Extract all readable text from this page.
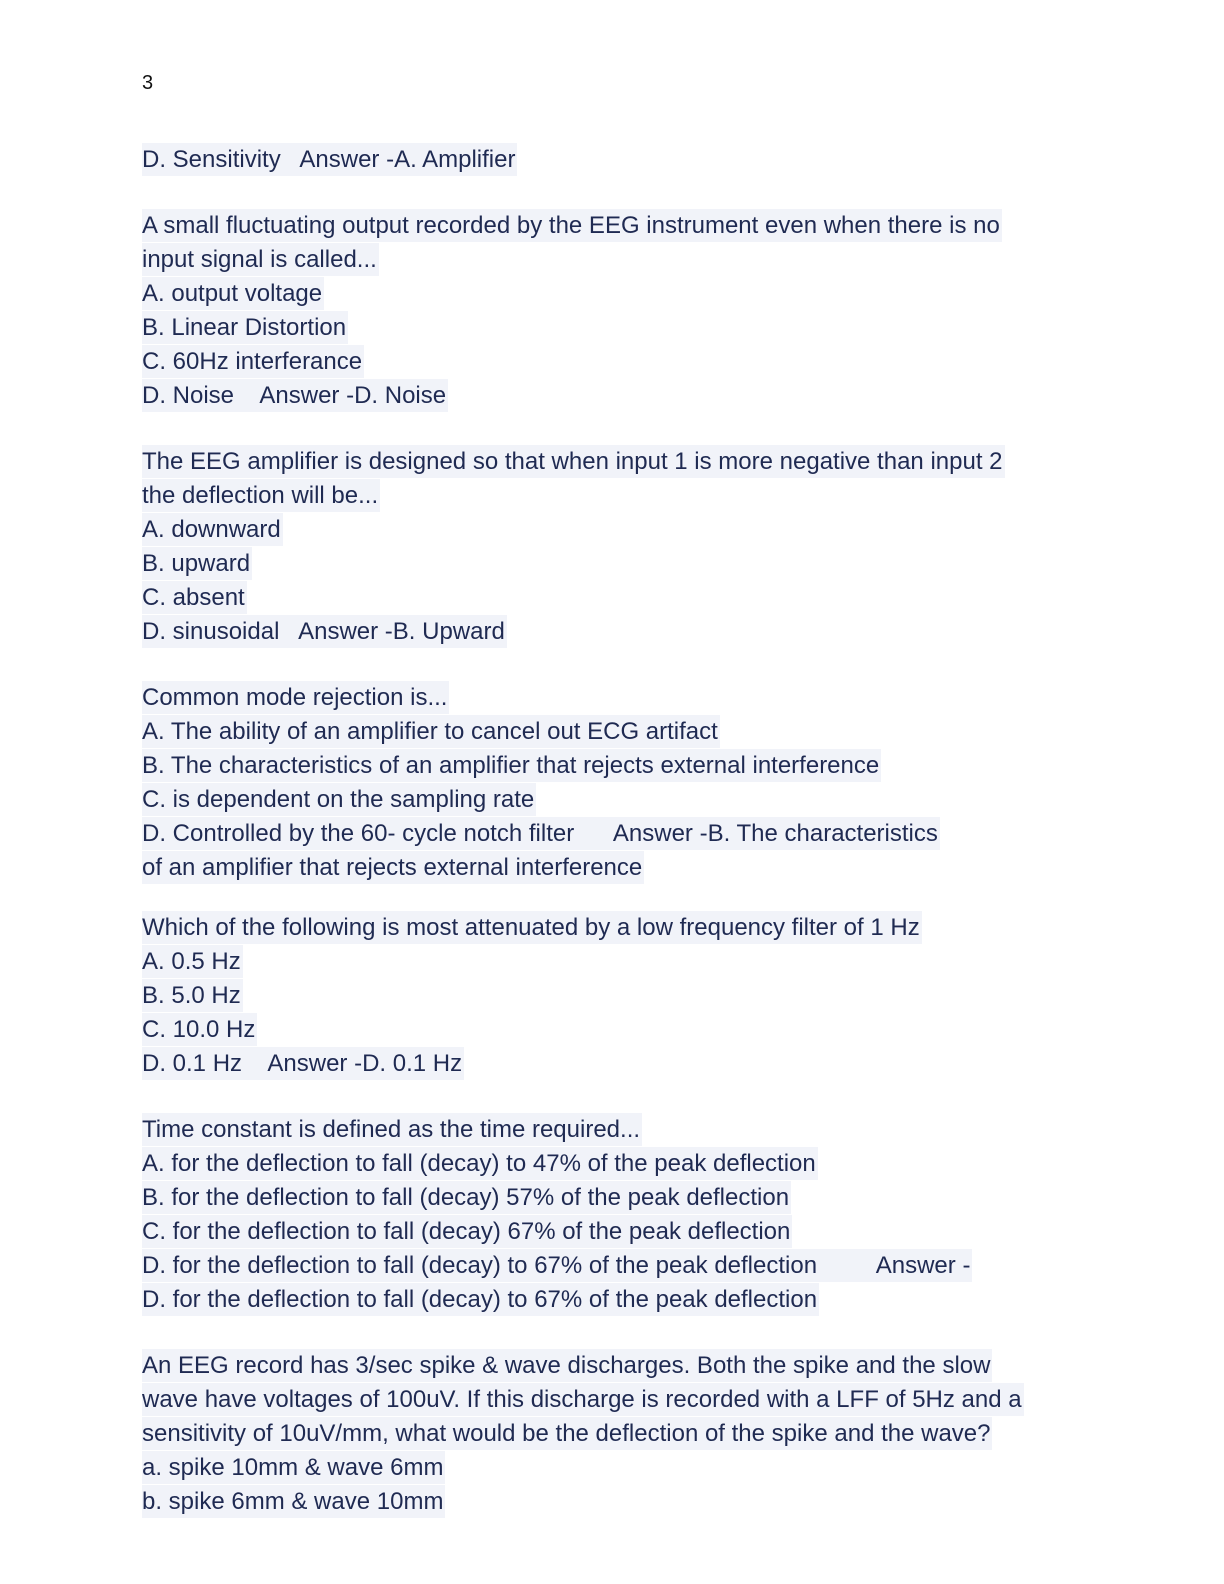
3
D. Sensitivity   Answer -A. Amplifier
A small fluctuating output recorded by the EEG instrument even when there is no
input signal is called...
A. output voltage
B. Linear Distortion
C. 60Hz interferance
D. Noise    Answer -D. Noise
The EEG amplifier is designed so that when input 1 is more negative than input 2
the deflection will be...
A. downward
B. upward
C. absent
D. sinusoidal   Answer -B. Upward
Common mode rejection is...
A. The ability of an amplifier to cancel out ECG artifact
B. The characteristics of an amplifier that rejects external interference
C. is dependent on the sampling rate
D. Controlled by the 60- cycle notch filter      Answer -B. The characteristics
of an amplifier that rejects external interference
Which of the following is most attenuated by a low frequency filter of 1 Hz
A. 0.5 Hz
B. 5.0 Hz
C. 10.0 Hz
D. 0.1 Hz    Answer -D. 0.1 Hz
Time constant is defined as the time required...
A. for the deflection to fall (decay) to 47% of the peak deflection
B. for the deflection to fall (decay) 57% of the peak deflection
C. for the deflection to fall (decay) 67% of the peak deflection
D. for the deflection to fall (decay) to 67% of the peak deflection         Answer -
D. for the deflection to fall (decay) to 67% of the peak deflection
An EEG record has 3/sec spike & wave discharges. Both the spike and the slow
wave have voltages of 100uV. If this discharge is recorded with a LFF of 5Hz and a
sensitivity of 10uV/mm, what would be the deflection of the spike and the wave?
a. spike 10mm & wave 6mm
b. spike 6mm & wave 10mm
